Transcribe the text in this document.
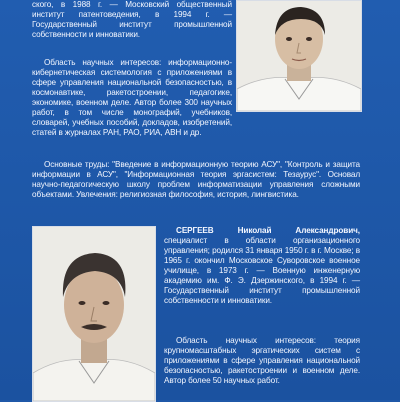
ского, в 1988 г. — Московский общественный институт патентоведения, в 1994 г. — Государственный институт промышленной собственности и инноватики.
Область научных интересов: информационно-кибернетическая системология с приложениями в сфере управления национальной безопасностью, в космонавтике, ракетостроении, педагогике, экономике, военном деле. Автор более 300 научных работ, в том числе монографий, учебников, словарей, учебных пособий, докладов, изобретений, статей в журналах РАН, РАО, РИА, АВН и др.
Основные труды: "Введение в информационную теорию АСУ", "Контроль и защита информации в АСУ", "Информационная теория эргасистем: Тезаурус". Основал научно-педагогическую школу проблем информатизации управления сложными объектами. Увлечения: религиозная философия, история, лингвистика.
СЕРГЕЕВ Николай Александрович, специалист в области организационного управления; родился 31 января 1950 г. в г. Москве; в 1965 г. окончил Московское Суворовское военное училище, в 1973 г. — Военную инженерную академию им. Ф. Э. Дзержинского, в 1994 г. — Государственный институт промышленной собственности и инноватики.
Область научных интересов: теория крупномасштабных эргатических систем с приложениями в сфере управления национальной безопасностью, ракетостроении и военном деле. Автор более 50 научных работ.
